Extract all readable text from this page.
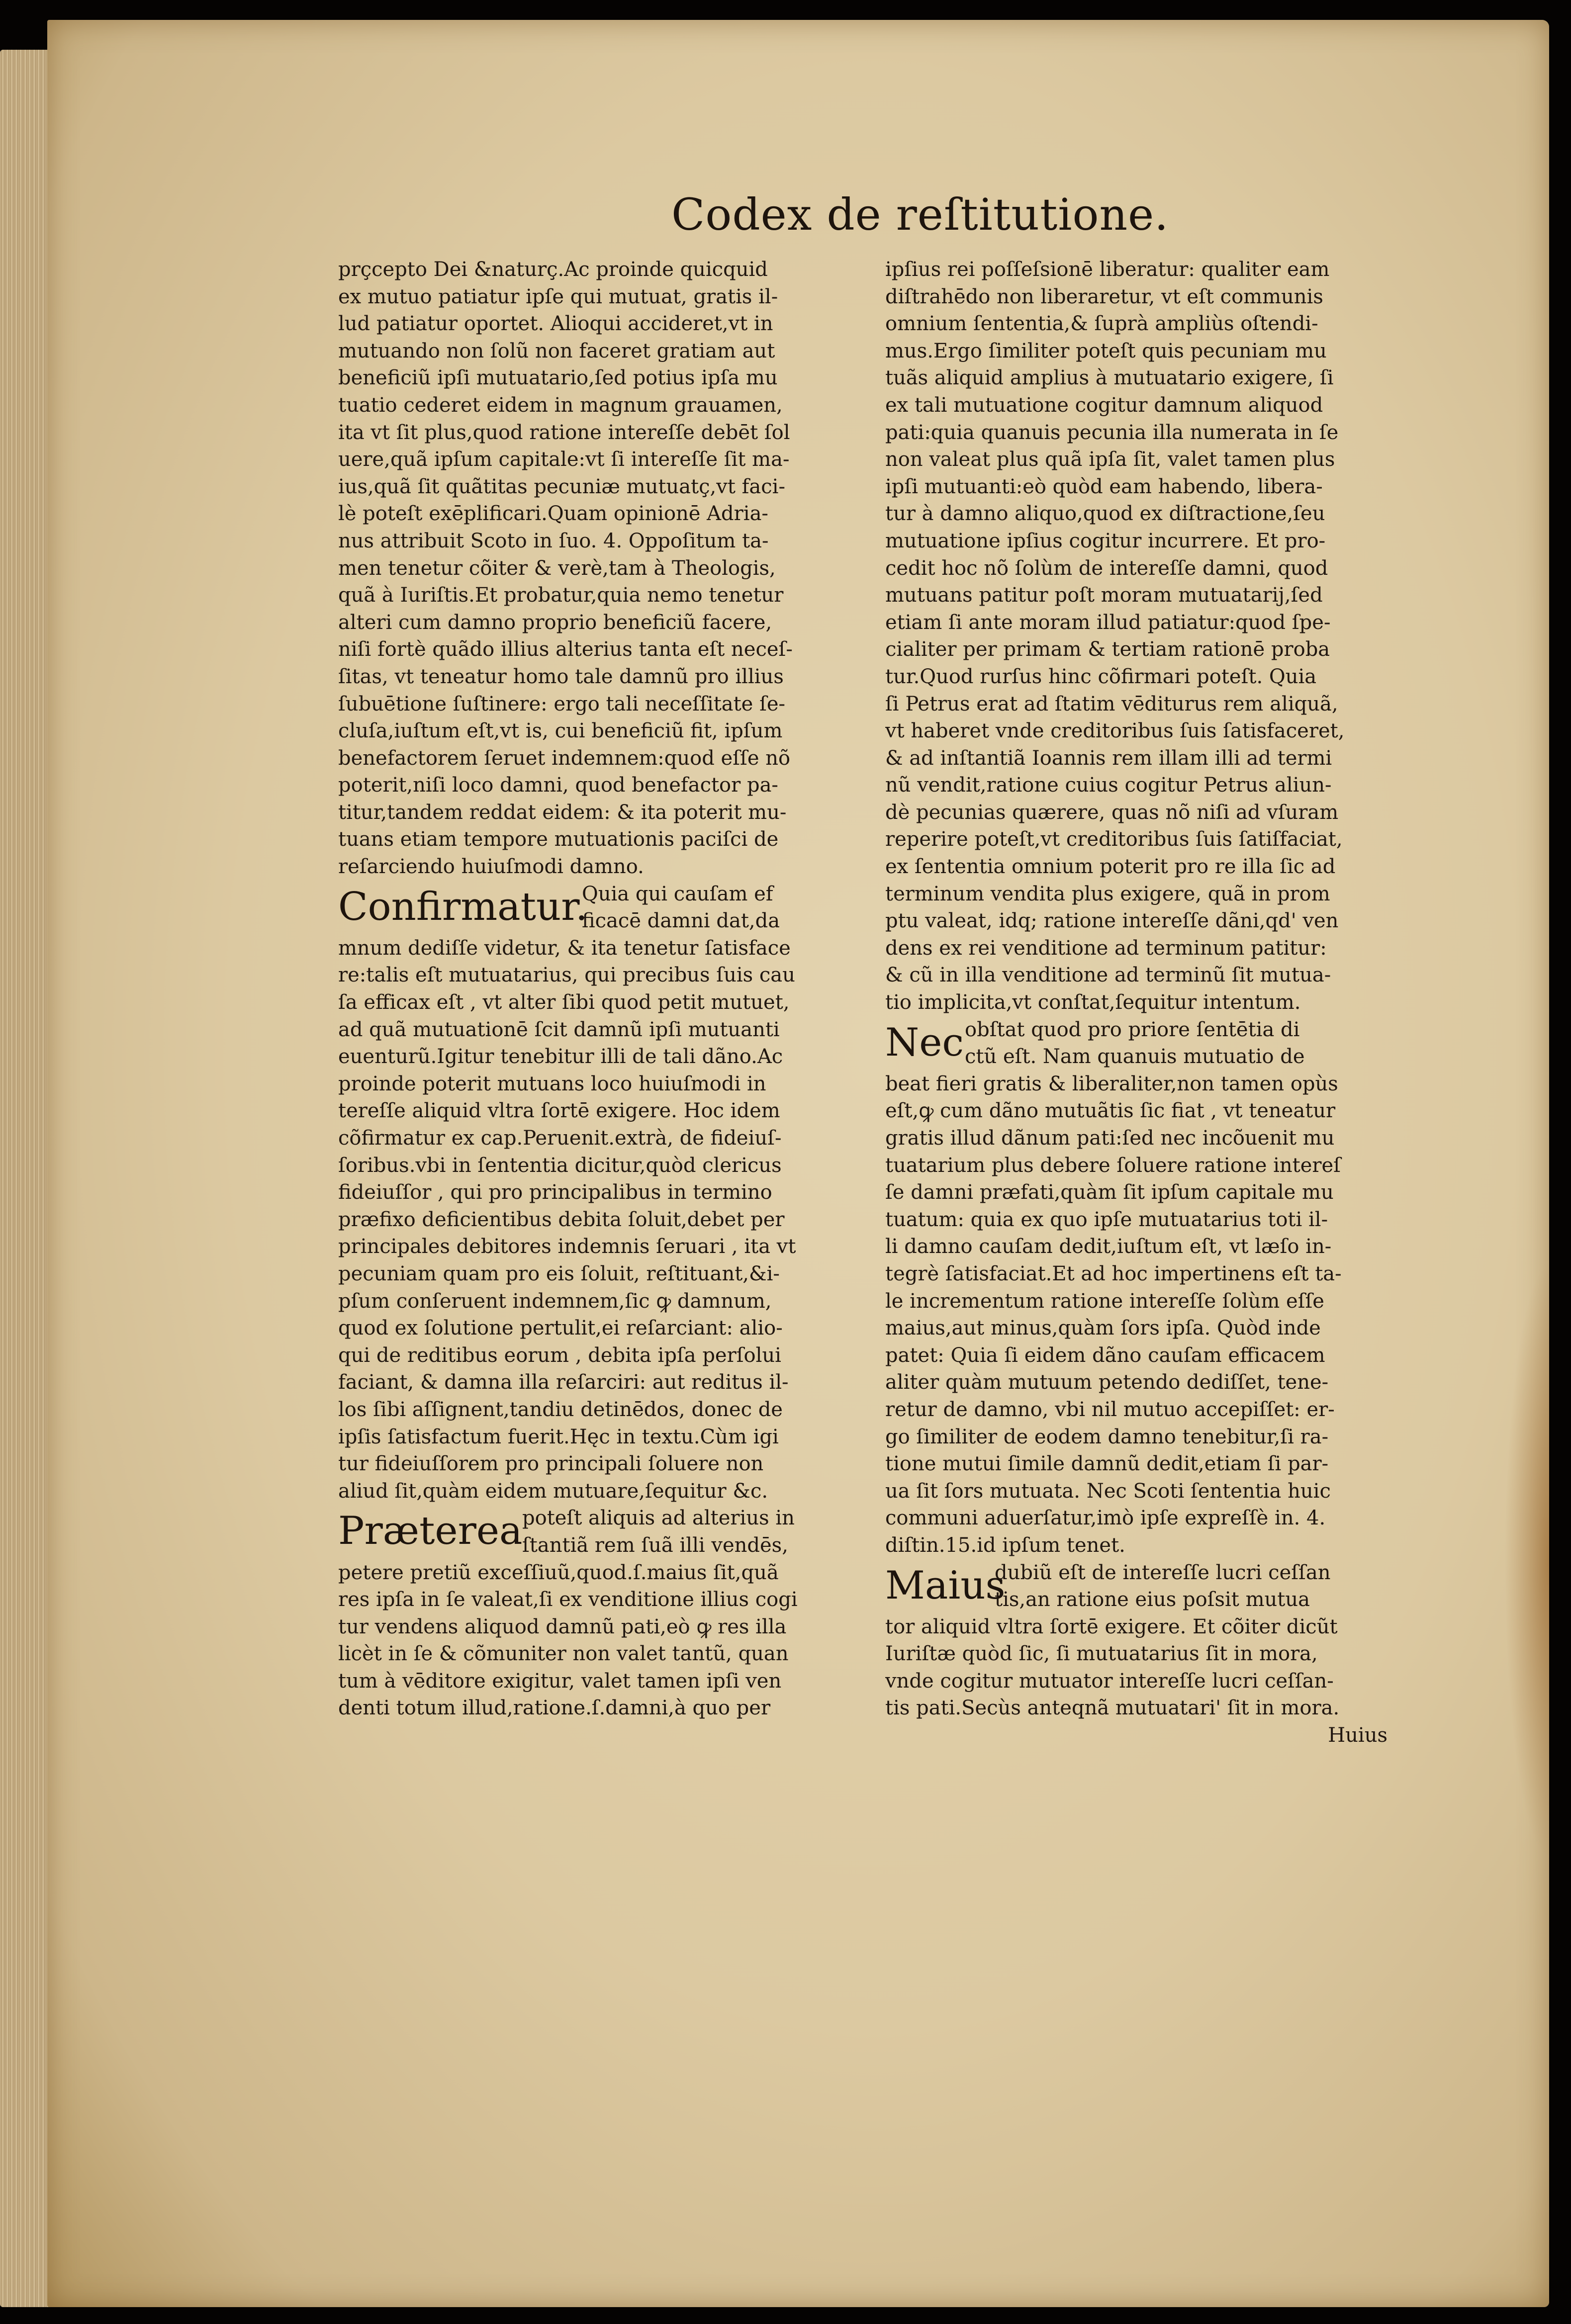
Codex de reſtitutione.
prçcepto Dei &naturç.Ac proinde quicquid
ex mutuo patiatur ipſe qui mutuat, gratis il-
lud patiatur oportet. Alioqui accideret,vt in
mutuando non ſolũ non faceret gratiam aut
beneficiũ ipſi mutuatario,ſed potius ipſa mu
tuatio cederet eidem in magnum grauamen,
ita vt ſit plus,quod ratione intereſſe debēt ſol
uere,quã ipſum capitale:vt ſi intereſſe ſit ma-
ius,quã ſit quãtitas pecuniæ mutuatç,vt faci-
lè poteſt exēplificari.Quam opinionē Adria-
nus attribuit Scoto in ſuo. 4. Oppoſitum ta-
men tenetur cõiter & verè,tam à Theologis,
quã à Iuriſtis.Et probatur,quia nemo tenetur
alteri cum damno proprio beneficiũ facere,
niſi fortè quãdo illius alterius tanta eſt neceſ-
ſitas, vt teneatur homo tale damnũ pro illius
ſubuētione ſuſtinere: ergo tali neceſſitate ſe-
cluſa,iuſtum eſt,vt is, cui beneficiũ fit, ipſum
benefactorem ſeruet indemnem:quod eſſe nõ
poterit,niſi loco damni, quod benefactor pa-
titur,tandem reddat eidem: & ita poterit mu-
tuans etiam tempore mutuationis paciſci de
reſarciendo huiuſmodi damno.
Confirmatur.
Quia qui cauſam ef
ficacē damni dat,da
mnum dediſſe videtur, & ita tenetur ſatisface
re:talis eſt mutuatarius, qui precibus ſuis cau
ſa efficax eſt , vt alter ſibi quod petit mutuet,
ad quã mutuationē ſcit damnũ ipſi mutuanti
euenturũ.Igitur tenebitur illi de tali dãno.Ac
proinde poterit mutuans loco huiuſmodi in
tereſſe aliquid vltra ſortē exigere. Hoc idem
cõfirmatur ex cap.Peruenit.extrà, de fideiuſ-
ſoribus.vbi in ſententia dicitur,quòd clericus
fideiuſſor , qui pro principalibus in termino
præfixo deficientibus debita ſoluit,debet per
principales debitores indemnis ſeruari , ita vt
pecuniam quam pro eis ſoluit, reſtituant,&i-
pſum conſeruent indemnem,ſic ꝙ damnum,
quod ex ſolutione pertulit,ei reſarciant: alio-
qui de reditibus eorum , debita ipſa perſolui
faciant, & damna illa reſarciri: aut reditus il-
los ſibi aſſignent,tandiu detinēdos, donec de
ipſis ſatisfactum fuerit.Hęc in textu.Cùm igi
tur fideiuſſorem pro principali ſoluere non
aliud ſit,quàm eidem mutuare,ſequitur &c.
Præterea poteſt aliquis ad alterius in
ſtantiã rem ſuã illi vendēs,
petere pretiũ exceſſiuũ,quod.ſ.maius ſit,quã
res ipſa in ſe valeat,ſi ex venditione illius cogi
tur vendens aliquod damnũ pati,eò ꝙ res illa
licèt in ſe & cõmuniter non valet tantũ, quan
tum à vēditore exigitur, valet tamen ipſi ven
denti totum illud,ratione.ſ.damni,à quo per
ipſius rei poſſeſsionē liberatur: qualiter eam
diſtrahēdo non liberaretur, vt eſt communis
omnium ſententia,& ſuprà ampliùs oſtendi-
mus.Ergo ſimiliter poteſt quis pecuniam mu
tuãs aliquid amplius à mutuatario exigere, ſi
ex tali mutuatione cogitur damnum aliquod
pati:quia quanuis pecunia illa numerata in ſe
non valeat plus quã ipſa ſit, valet tamen plus
ipſi mutuanti:eò quòd eam habendo, libera-
tur à damno aliquo,quod ex diſtractione,ſeu
mutuatione ipſius cogitur incurrere. Et pro-
cedit hoc nõ ſolùm de intereſſe damni, quod
mutuans patitur poſt moram mutuatarij,ſed
etiam ſi ante moram illud patiatur:quod ſpe-
cialiter per primam & tertiam rationē proba
tur.Quod rurſus hinc cõfirmari poteſt. Quia
ſi Petrus erat ad ſtatim vēditurus rem aliquã,
vt haberet vnde creditoribus ſuis ſatisfaceret,
& ad inſtantiã Ioannis rem illam illi ad termi
nũ vendit,ratione cuius cogitur Petrus aliun-
dè pecunias quærere, quas nõ niſi ad vſuram
reperire poteſt,vt creditoribus ſuis ſatiſfaciat,
ex ſententia omnium poterit pro re illa ſic ad
terminum vendita plus exigere, quã in prom
ptu valeat, idq; ratione intereſſe dãni,qd' ven
dens ex rei venditione ad terminum patitur:
& cũ in illa venditione ad terminũ ſit mutua-
tio implicita,vt conſtat,ſequitur intentum.
Nec obſtat quod pro priore ſentētia di
ctũ eſt. Nam quanuis mutuatio de
beat fieri gratis & liberaliter,non tamen opùs
eſt,ꝙ cum dãno mutuãtis ſic fiat , vt teneatur
gratis illud dãnum pati:ſed nec incõuenit mu
tuatarium plus debere ſoluere ratione intereſ
ſe damni præfati,quàm ſit ipſum capitale mu
tuatum: quia ex quo ipſe mutuatarius toti il-
li damno cauſam dedit,iuſtum eſt, vt læſo in-
tegrè ſatisfaciat.Et ad hoc impertinens eſt ta-
le incrementum ratione intereſſe ſolùm eſſe
maius,aut minus,quàm ſors ipſa. Quòd inde
patet: Quia ſi eidem dãno cauſam efficacem
aliter quàm mutuum petendo dediſſet, tene-
retur de damno, vbi nil mutuo accepiſſet: er-
go ſimiliter de eodem damno tenebitur,ſi ra-
tione mutui ſimile damnũ dedit,etiam ſi par-
ua ſit ſors mutuata. Nec Scoti ſententia huic
communi aduerſatur,imò ipſe expreſſè in. 4.
diſtin.15.id ipſum tenet.
Maius
dubiũ eſt de intereſſe lucri ceſſan
tis,an ratione eius poſsit mutua
tor aliquid vltra ſortē exigere. Et cõiter dicũt
Iuriſtæ quòd ſic, ſi mutuatarius ſit in mora,
vnde cogitur mutuator intereſſe lucri ceſſan-
tis pati.Secùs anteqnã mutuatari' ſit in mora.
Huius
